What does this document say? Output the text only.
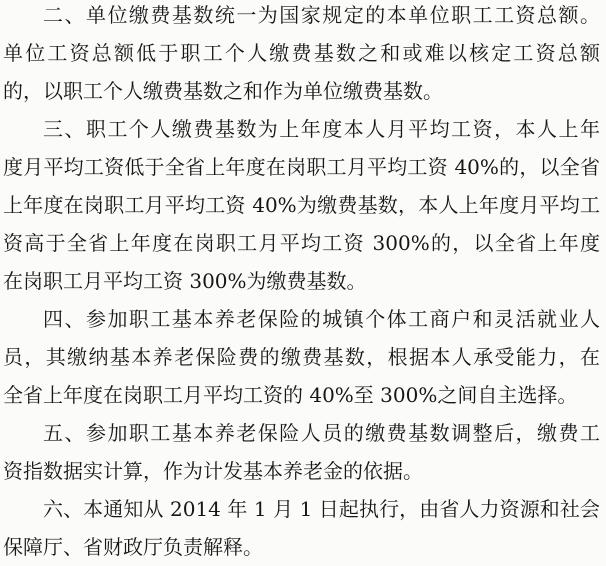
二、单位缴费基数统一为国家规定的本单位职工工资总额。
单位工资总额低于职工个人缴费基数之和或难以核定工资总额
的，以职工个人缴费基数之和作为单位缴费基数。
三、职工个人缴费基数为上年度本人月平均工资，本人上年
度月平均工资低于全省上年度在岗职工月平均工资 40%的，以全省
上年度在岗职工月平均工资 40%为缴费基数，本人上年度月平均工
资高于全省上年度在岗职工月平均工资 300%的，以全省上年度
在岗职工月平均工资 300%为缴费基数。
四、参加职工基本养老保险的城镇个体工商户和灵活就业人
员，其缴纳基本养老保险费的缴费基数，根据本人承受能力，在
全省上年度在岗职工月平均工资的 40%至 300%之间自主选择。
五、参加职工基本养老保险人员的缴费基数调整后，缴费工
资指数据实计算，作为计发基本养老金的依据。
六、本通知从 2014 年 1 月 1 日起执行，由省人力资源和社会
保障厅、省财政厅负责解释。
